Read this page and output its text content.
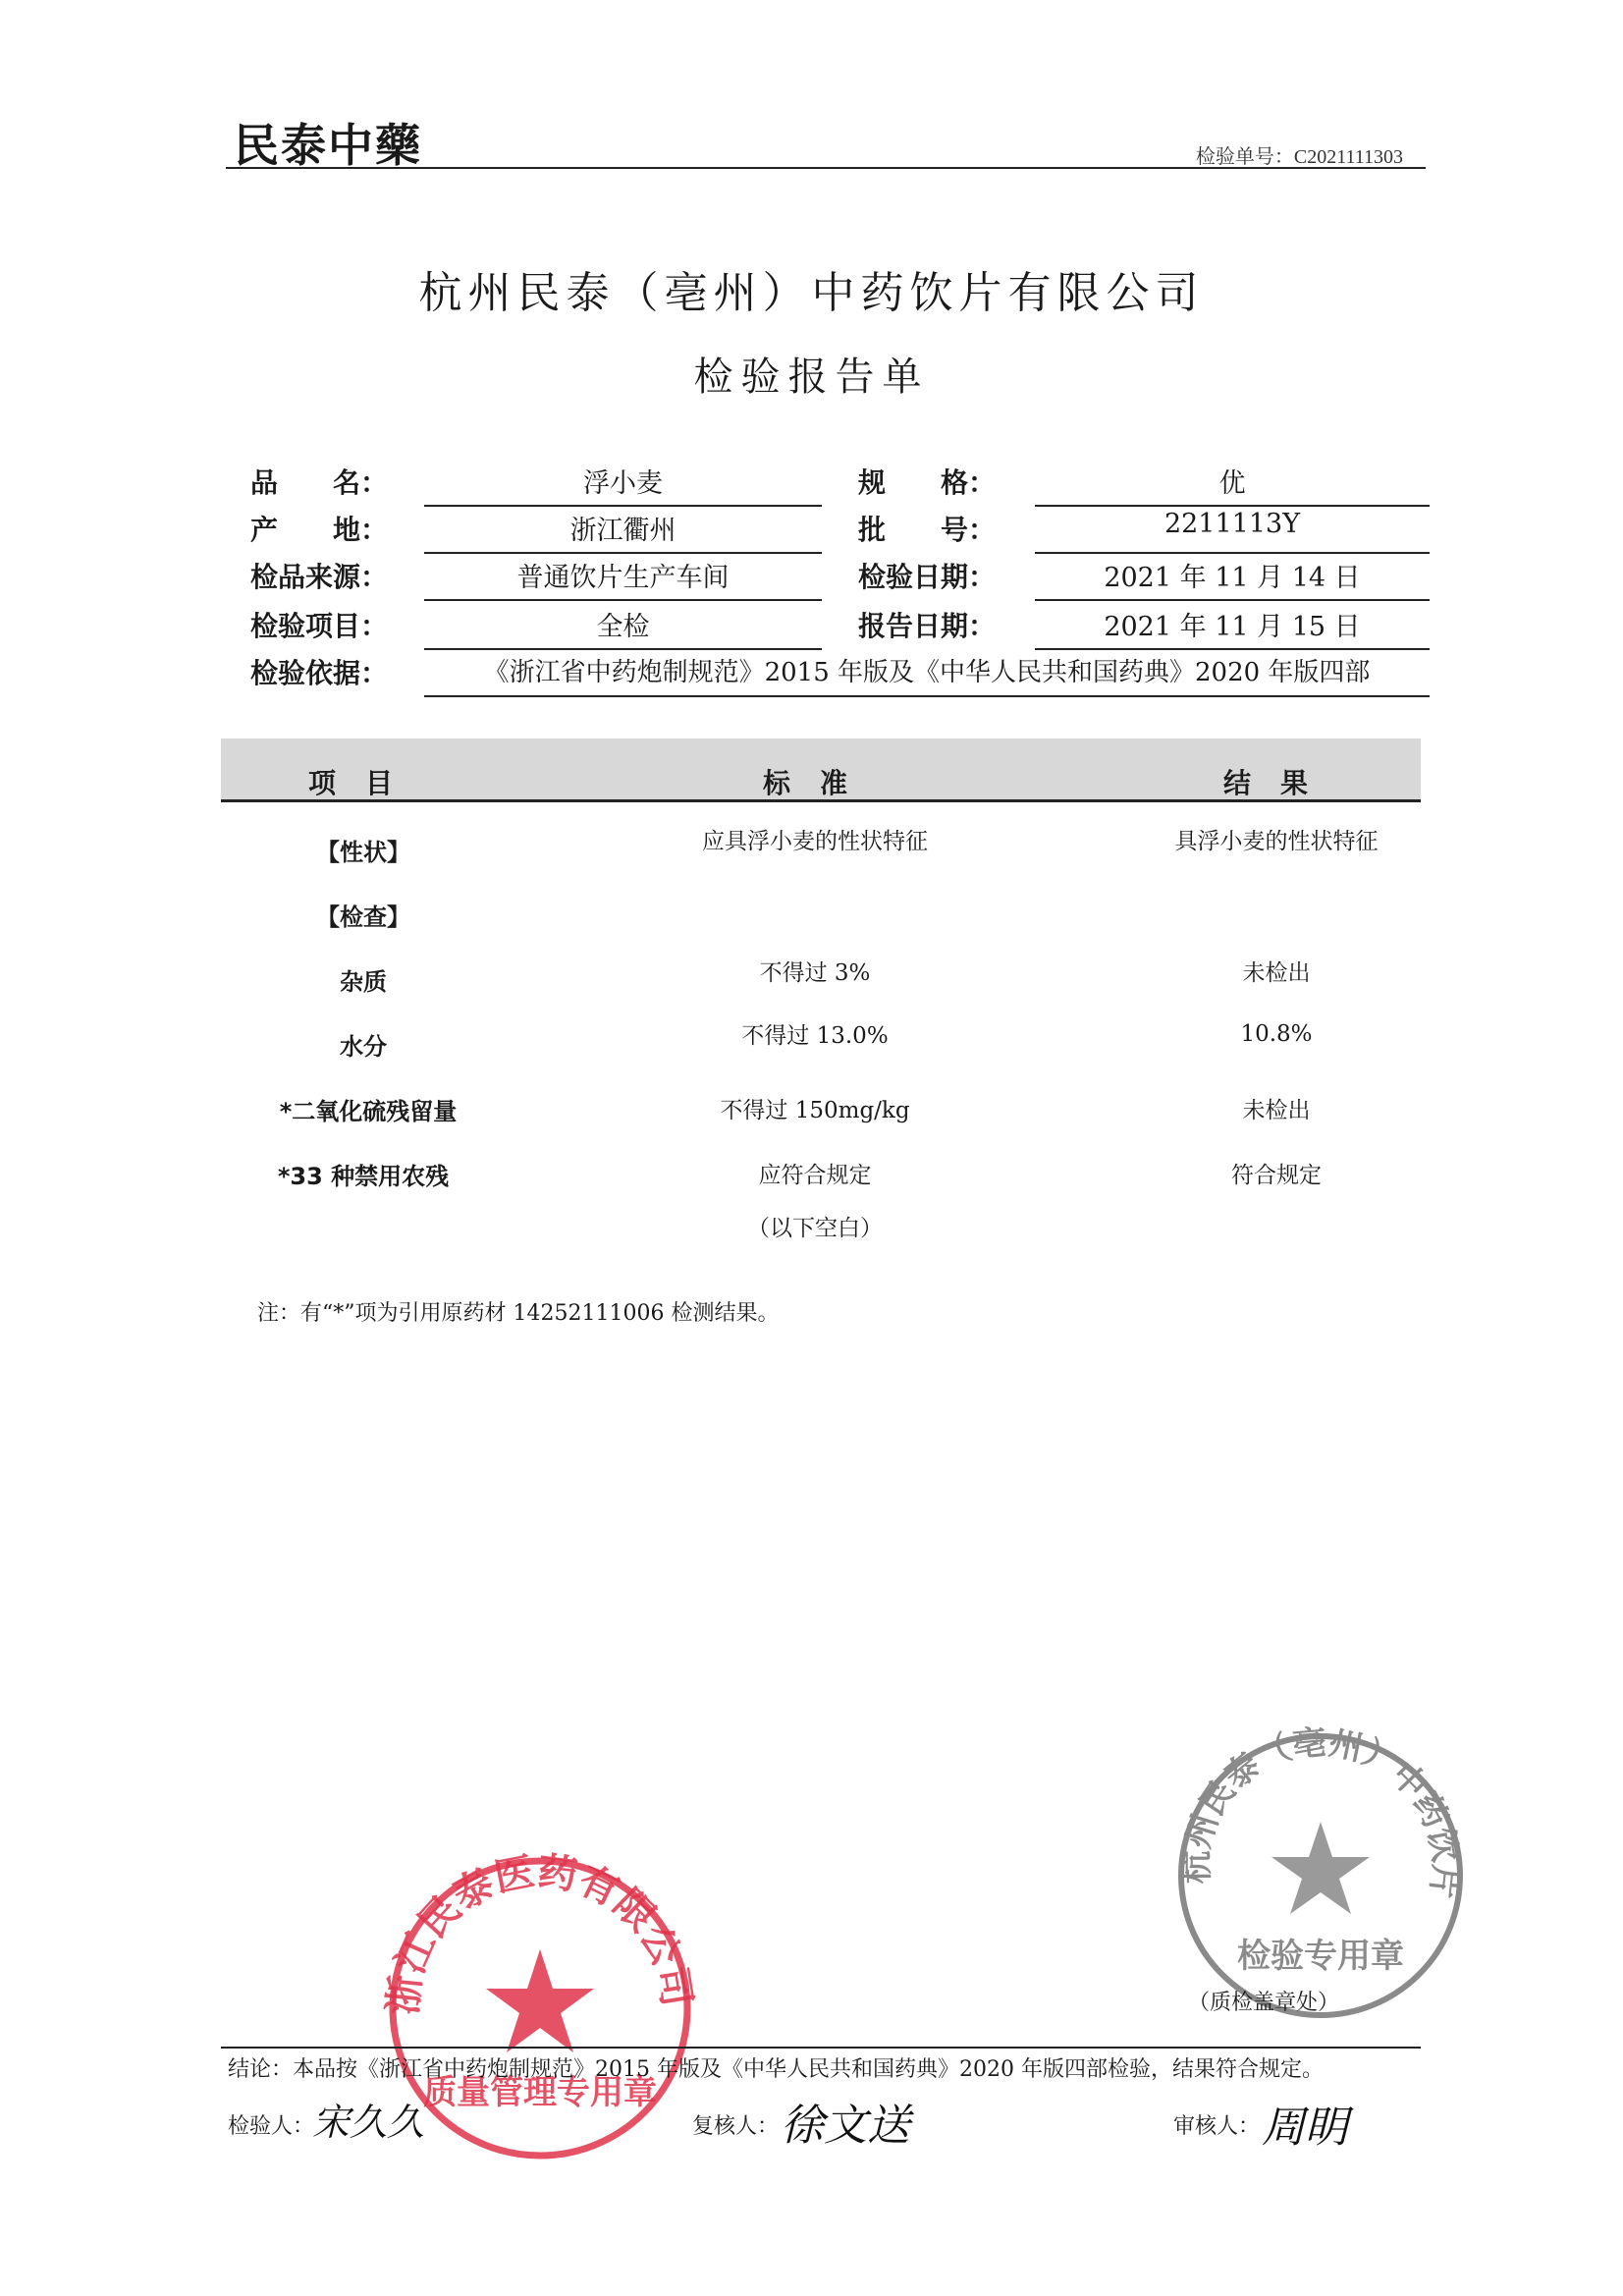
民泰中藥	检验单号：C2021111303
杭州民泰（亳州）中药饮片有限公司
检验报告单
品　　名：	浮小麦	规　　格：	优
产　　地：	浙江衢州	批　　号：	2211113Y
检品来源：	普通饮片生产车间	检验日期：	2021 年 11 月 14 日
检验项目：	全检	报告日期：	2021 年 11 月 15 日
检验依据：	《浙江省中药炮制规范》2015 年版及《中华人民共和国药典》2020 年版四部
项目	标准	结果
【性状】	应具浮小麦的性状特征	具浮小麦的性状特征
【检查】
杂质	不得过 3%	未检出
水分	不得过 13.0%	10.8%
*二氧化硫残留量	不得过 150mg/kg	未检出
*33 种禁用农残	应符合规定	符合规定
（以下空白）
注：有“*”项为引用原药材 14252111006 检测结果。
杭州民泰（亳州）中药饮片
检验专用章
（质检盖章处）
浙江民泰医药有限公司
质量管理专用章
结论：本品按《浙江省中药炮制规范》2015 年版及《中华人民共和国药典》2020 年版四部检验，结果符合规定。
检验人：
宋久久	复核人： 徐文送	审核人： 周眀
